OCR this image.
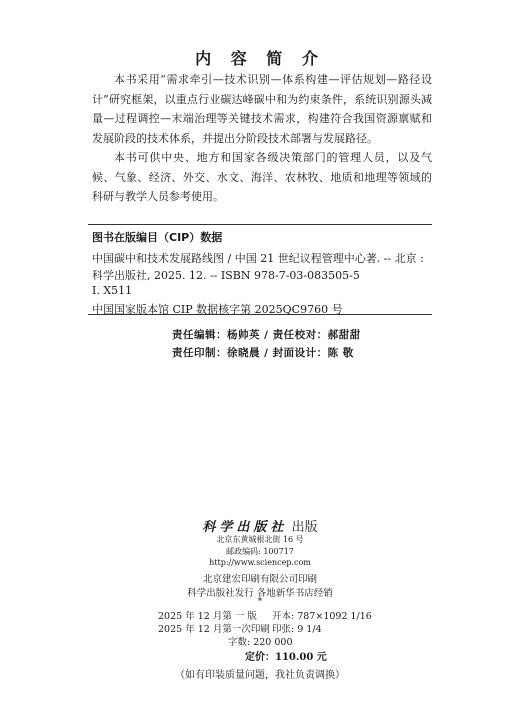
内 容 简 介

本书采用“需求牵引—技术识别—体系构建—评估规划—路径设计”研究框架，以重点行业碳达峰碳中和为约束条件，系统识别源头减量—过程调控—末端治理等关键技术需求，构建符合我国资源禀赋和发展阶段的技术体系，并提出分阶段技术部署与发展路径。

本书可供中央、地方和国家各级决策部门的管理人员，以及气候、气象、经济、外交、水文、海洋、农林牧、地质和地理等领域的科研与教学人员参考使用。

图书在版编目（CIP）数据
中国碳中和技术发展路线图 / 中国 21 世纪议程管理中心著. -- 北京 :
科学出版社, 2025. 12. -- ISBN 978-7-03-083505-5
Ⅰ. X511
中国国家版本馆 CIP 数据核字第 2025QC9760 号
责任编辑：杨帅英 / 责任校对：郝甜甜
责任印制：徐晓晨 / 封面设计：陈 敬
科学出版社 出版
北京东黄城根北街 16 号
邮政编码: 100717
http://www.sciencep.com
北京建宏印刷有限公司印刷
科学出版社发行 各地新华书店经销
*
2025 年 12 月第 一 版 开本: 787×1092 1/16
2025 年 12 月第一次印刷 印张: 9 1/4
字数: 220 000
定价：110.00 元
（如有印装质量问题，我社负责调换）
